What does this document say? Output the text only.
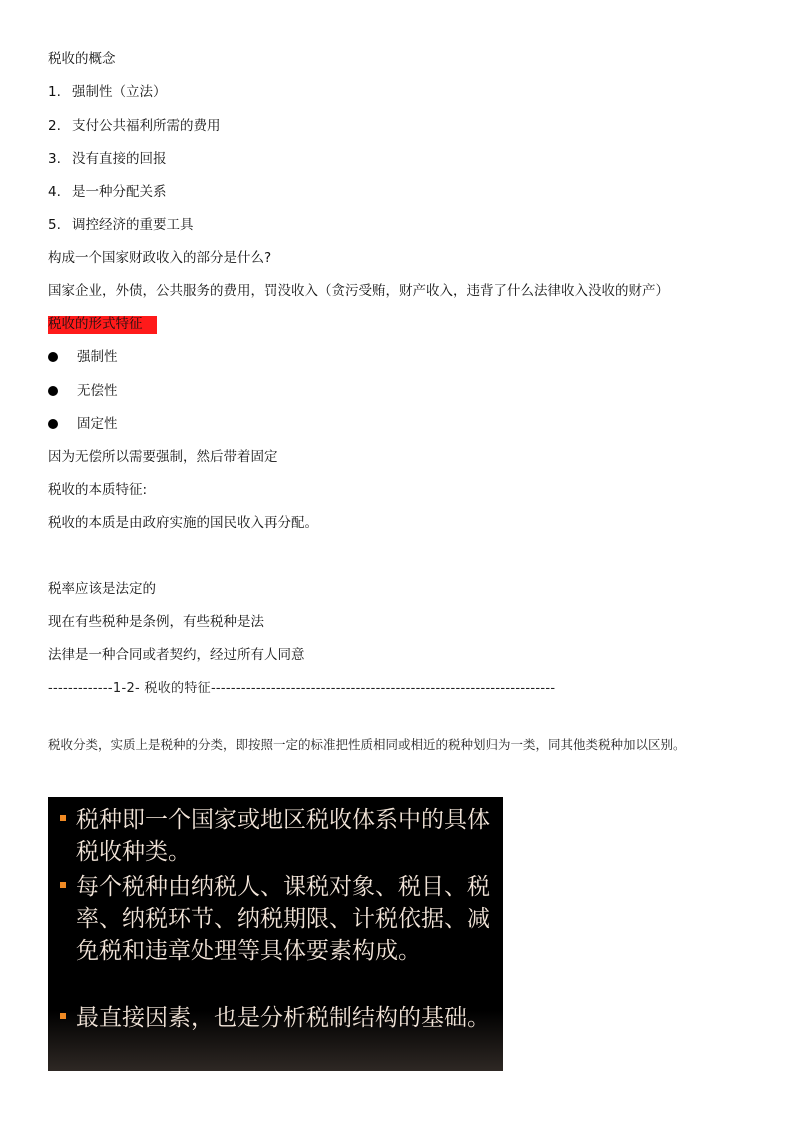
税收的概念
1. 强制性（立法）
2. 支付公共福利所需的费用
3. 没有直接的回报
4. 是一种分配关系
5. 调控经济的重要工具
构成一个国家财政收入的部分是什么?
国家企业，外债，公共服务的费用，罚没收入（贪污受贿，财产收入，违背了什么法律收入没收的财产）
税收的形式特征
强制性
无偿性
固定性
因为无偿所以需要强制，然后带着固定
税收的本质特征:
税收的本质是由政府实施的国民收入再分配。
税率应该是法定的
现在有些税种是条例，有些税种是法
法律是一种合同或者契约，经过所有人同意
-------------1-2- 税收的特征---------------------------------------------------------------------
税收分类，实质上是税种的分类，即按照一定的标准把性质相同或相近的税种划归为一类，同其他类税种加以区别。
税种即一个国家或地区税收体系中的具体税收种类。
每个税种由纳税人、课税对象、税目、税率、纳税环节、纳税期限、计税依据、减免税和违章处理等具体要素构成。
最直接因素，也是分析税制结构的基础。
